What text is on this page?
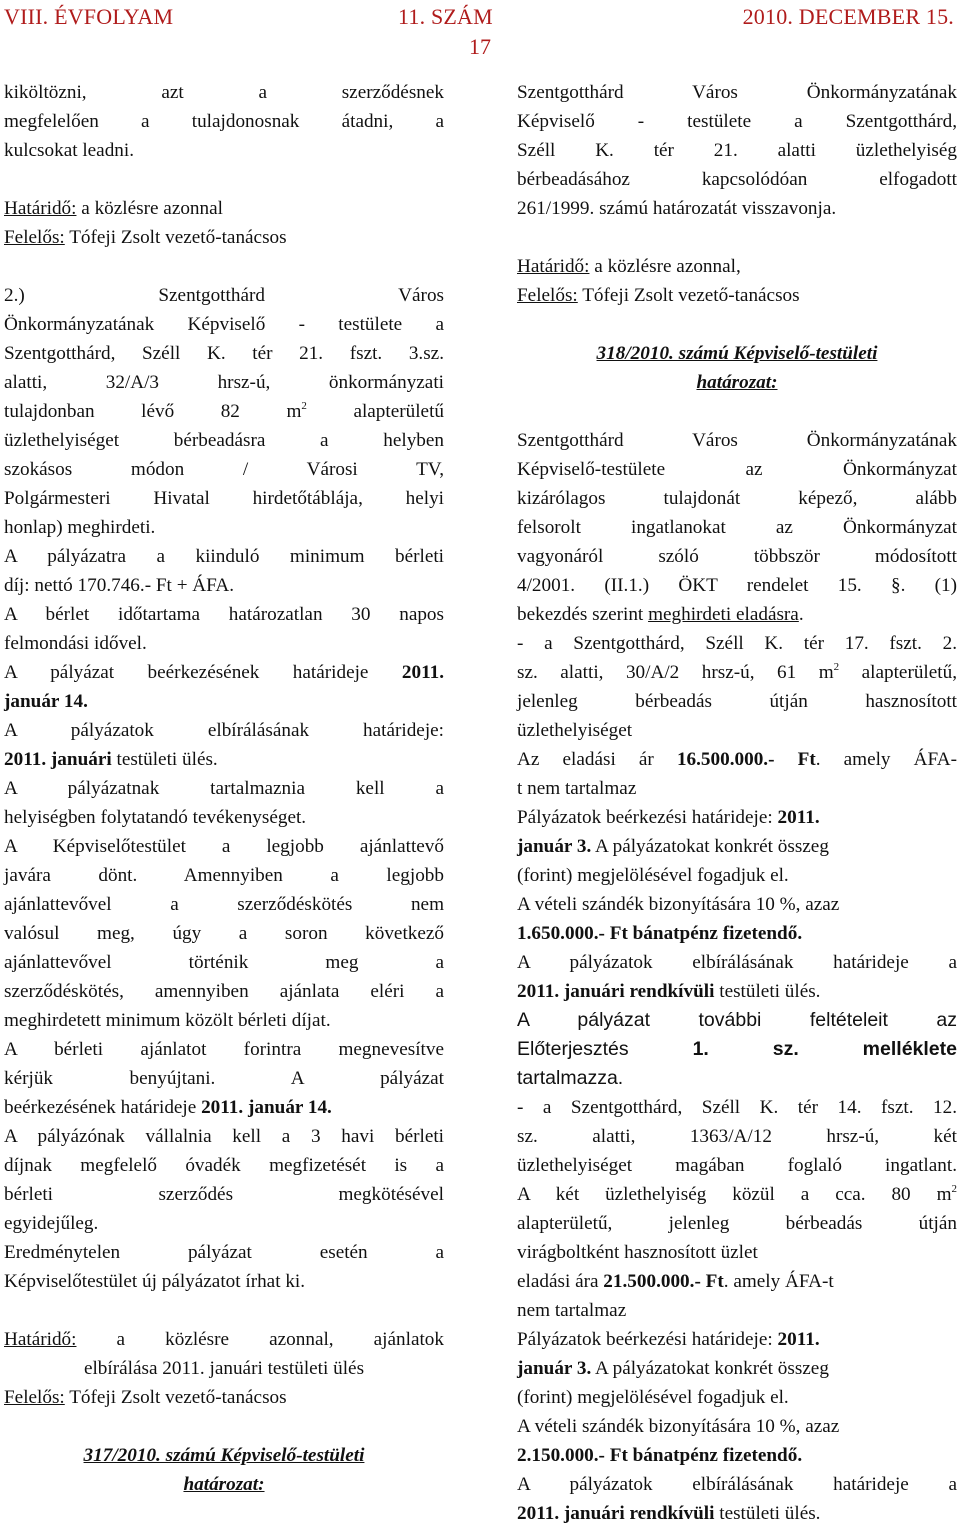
VIII. ÉVFOLYAM	11. SZÁM	2010. DECEMBER 15.
17

kiköltözni, azt a szerződésnek

megfelelően a tulajdonosnak átadni, a

kulcsokat leadni.

Határidő: a közlésre azonnal

Felelős: Tófeji Zsolt vezető-tanácsos

2.) Szentgotthárd Város

Önkormányzatának Képviselő - testülete a

Szentgotthárd, Széll K. tér 21. fszt. 3.sz.

alatti, 32/A/3 hrsz-ú, önkormányzati

tulajdonban lévő 82 $m^2$ alapterületű

üzlethelyiséget bérbeadásra a helyben

szokásos módon / Városi TV,

Polgármesteri Hivatal hirdetőtáblája, helyi

honlap) meghirdeti.

A pályázatra a kiinduló minimum bérleti

díj: nettó 170.746.- Ft + ÁFA.

A bérlet időtartama határozatlan 30 napos

felmondási idővel.

A pályázat beérkezésének határideje 2011.

január 14.

A pályázatok elbírálásának határideje:

2011. januári testületi ülés.

A pályázatnak tartalmaznia kell a

helyiségben folytatandó tevékenységet.

A Képviselőtestület a legjobb ajánlattevő

javára dönt. Amennyiben a legjobb

ajánlattevővel a szerződéskötés nem

valósul meg, úgy a soron következő

ajánlattevővel történik meg a

szerződéskötés, amennyiben ajánlata eléri a

meghirdetett minimum közölt bérleti díjat.

A bérleti ajánlatot forintra megnevesítve

kérjük benyújtani. A pályázat

beérkezésének határideje 2011. január 14.

A pályázónak vállalnia kell a 3 havi bérleti

díjnak megfelelő óvadék megfizetését is a

bérleti szerződés megkötésével

egyidejűleg.

Eredménytelen pályázat esetén a

Képviselőtestület új pályázatot írhat ki.

Határidő: a közlésre azonnal, ajánlatok

elbírálása 2011. januári testületi ülés

Felelős: Tófeji Zsolt vezető-tanácsos

317/2010. számú Képviselő-testületi

határozat:

Szentgotthárd Város Önkormányzatának

Képviselő - testülete a Szentgotthárd,

Széll K. tér 21. alatti üzlethelyiség

bérbeadásához kapcsolódóan elfogadott

261/1999. számú határozatát visszavonja.

Határidő: a közlésre azonnal,

Felelős: Tófeji Zsolt vezető-tanácsos

318/2010. számú Képviselő-testületi

határozat:

Szentgotthárd Város Önkormányzatának

Képviselő-testülete az Önkormányzat

kizárólagos tulajdonát képező, alább

felsorolt ingatlanokat az Önkormányzat

vagyonáról szóló többször módosított

4/2001. (II.1.) ÖKT rendelet 15. §. (1)

bekezdés szerint meghirdeti eladásra.

- a Szentgotthárd, Széll K. tér 17. fszt. 2.

sz. alatti, 30/A/2 hrsz-ú, 61 $m^2$ alapterületű,

jelenleg bérbeadás útján hasznosított

üzlethelyiséget

Az eladási ár 16.500.000.- Ft. amely ÁFA-

t nem tartalmaz

Pályázatok beérkezési határideje: 2011.

január 3. A pályázatokat konkrét összeg

(forint) megjelölésével fogadjuk el.

A vételi szándék bizonyítására 10 %, azaz

1.650.000.- Ft bánatpénz fizetendő.

A pályázatok elbírálásának határideje a

2011. januári rendkívüli testületi ülés.

A pályázat további feltételeit az

Előterjesztés 1. sz. melléklete

tartalmazza.

- a Szentgotthárd, Széll K. tér 14. fszt. 12.

sz. alatti, 1363/A/12 hrsz-ú, két

üzlethelyiséget magában foglaló ingatlant.

A két üzlethelyiség közül a cca. 80 $m^2$

alapterületű, jelenleg bérbeadás útján

virágboltként hasznosított üzlet

eladási ára 21.500.000.- Ft. amely ÁFA-t

nem tartalmaz

Pályázatok beérkezési határideje: 2011.

január 3. A pályázatokat konkrét összeg

(forint) megjelölésével fogadjuk el.

A vételi szándék bizonyítására 10 %, azaz

2.150.000.- Ft bánatpénz fizetendő.

A pályázatok elbírálásának határideje a

2011. januári rendkívüli testületi ülés.
